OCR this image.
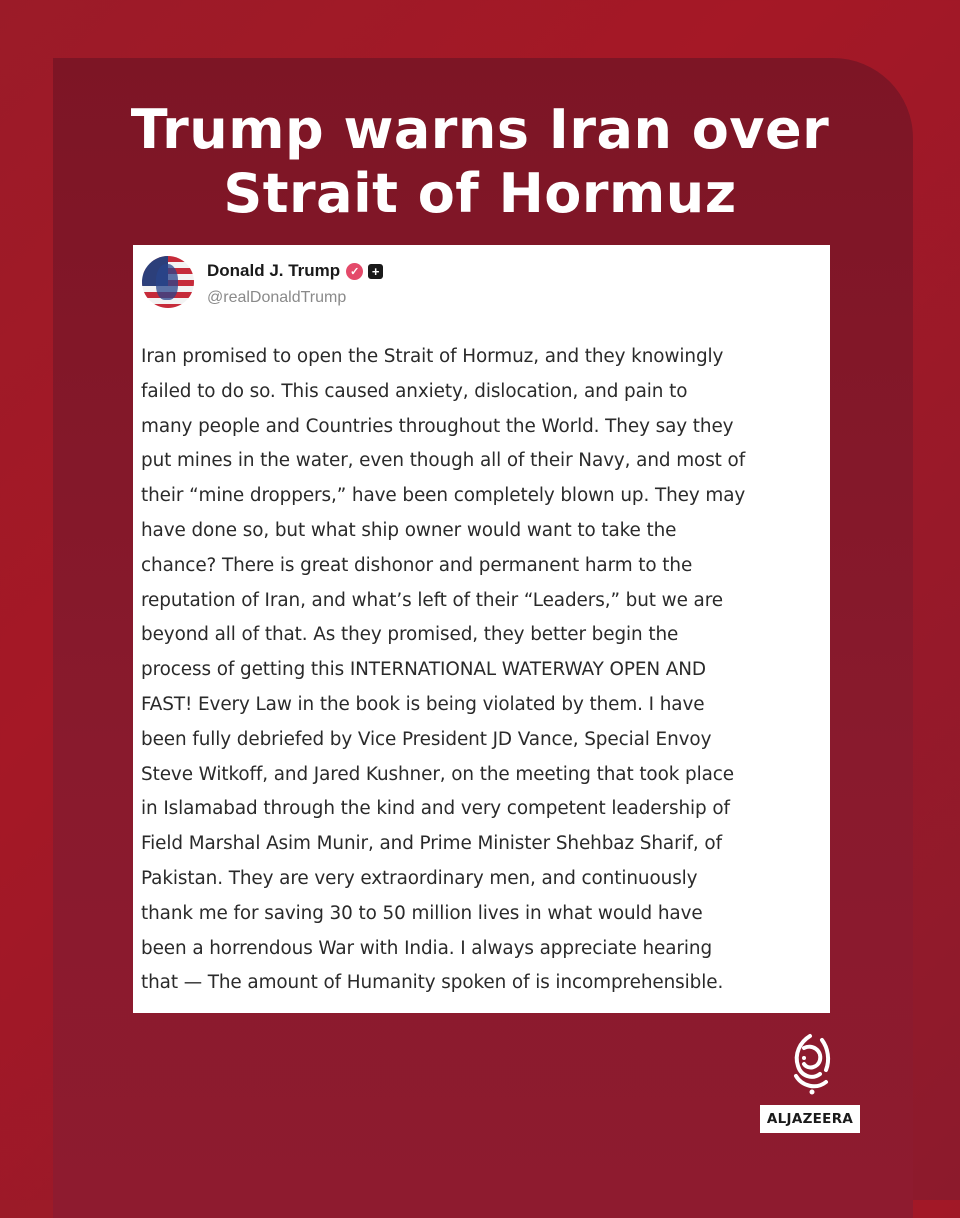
Trump warns Iran over
Strait of Hormuz
Donald J. Trump ✓ +
@realDonaldTrump
Iran promised to open the Strait of Hormuz, and they knowingly
failed to do so. This caused anxiety, dislocation, and pain to
many people and Countries throughout the World. They say they
put mines in the water, even though all of their Navy, and most of
their “mine droppers,” have been completely blown up. They may
have done so, but what ship owner would want to take the
chance? There is great dishonor and permanent harm to the
reputation of Iran, and what’s left of their “Leaders,” but we are
beyond all of that. As they promised, they better begin the
process of getting this INTERNATIONAL WATERWAY OPEN AND
FAST! Every Law in the book is being violated by them. I have
been fully debriefed by Vice President JD Vance, Special Envoy
Steve Witkoff, and Jared Kushner, on the meeting that took place
in Islamabad through the kind and very competent leadership of
Field Marshal Asim Munir, and Prime Minister Shehbaz Sharif, of
Pakistan. They are very extraordinary men, and continuously
thank me for saving 30 to 50 million lives in what would have
been a horrendous War with India. I always appreciate hearing
that — The amount of Humanity spoken of is incomprehensible.
ALJAZEERA
